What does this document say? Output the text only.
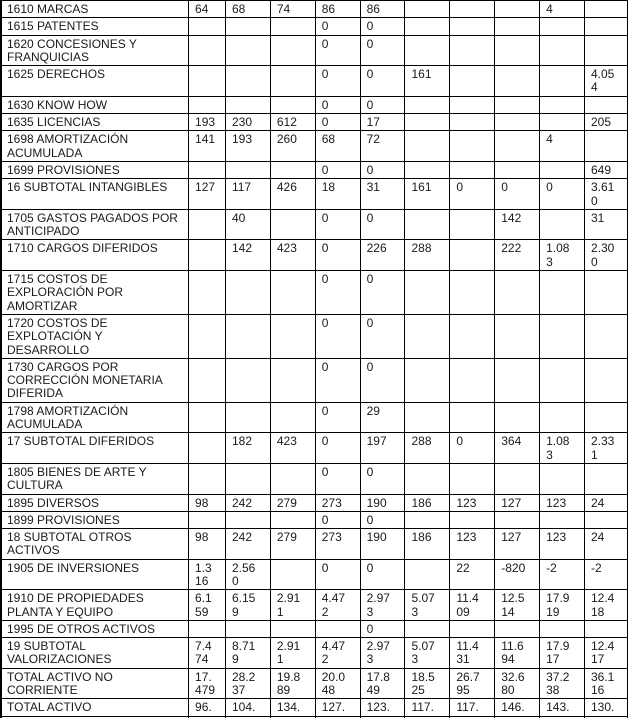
1610 MARCAS	64	68	74	86	86				4	
1615 PATENTES				0	0					
1620 CONCESIONES Y FRANQUICIAS				0	0					
1625 DERECHOS				0	0	161				4.054
1630 KNOW HOW				0	0					
1635 LICENCIAS	193	230	612	0	17					205
1698 AMORTIZACIÓN ACUMULADA	141	193	260	68	72				4	
1699 PROVISIONES				0	0					649
16 SUBTOTAL INTANGIBLES	127	117	426	18	31	161	0	0	0	3.610
1705 GASTOS PAGADOS POR ANTICIPADO		40		0	0			142		31
1710 CARGOS DIFERIDOS		142	423	0	226	288		222	1.083	2.300
1715 COSTOS DE EXPLORACIÓN POR AMORTIZAR				0	0					
1720 COSTOS DE EXPLOTACIÓN Y DESARROLLO				0	0					
1730 CARGOS POR CORRECCIÓN MONETARIA DIFERIDA				0	0					
1798 AMORTIZACIÓN ACUMULADA				0	29					
17 SUBTOTAL DIFERIDOS		182	423	0	197	288	0	364	1.083	2.331
1805 BIENES DE ARTE Y CULTURA				0	0					
1895 DIVERSOS	98	242	279	273	190	186	123	127	123	24
1899 PROVISIONES				0	0					
18 SUBTOTAL OTROS ACTIVOS	98	242	279	273	190	186	123	127	123	24
1905 DE INVERSIONES	1.316	2.560		0	0		22	-820	-2	-2
1910 DE PROPIEDADES PLANTA Y EQUIPO	6.159	6.159	2.911	4.472	2.973	5.073	11.409	12.514	17.919	12.418
1995 DE OTROS ACTIVOS					0					
19 SUBTOTAL VALORIZACIONES	7.474	8.719	2.911	4.472	2.973	5.073	11.431	11.694	17.917	12.417
TOTAL ACTIVO NO CORRIENTE	17.479	28.237	19.889	20.048	17.849	18.525	26.795	32.680	37.238	36.116
TOTAL ACTIVO	96.	104.	134.	127.	123.	117.	117.	146.	143.	130.
